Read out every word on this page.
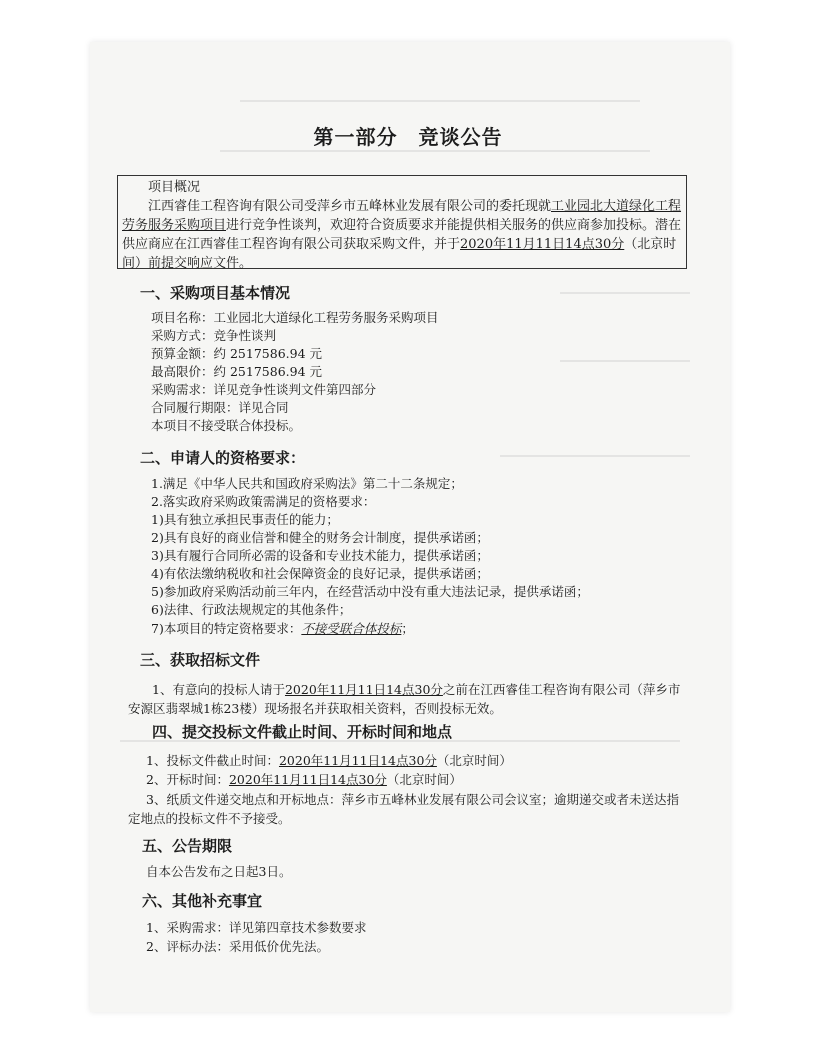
第一部分　竞谈公告

项目概况

江西睿佳工程咨询有限公司受萍乡市五峰林业发展有限公司的委托现就工业园北大道绿化工程劳务服务采购项目进行竞争性谈判，欢迎符合资质要求并能提供相关服务的供应商参加投标。潜在供应商应在江西睿佳工程咨询有限公司获取采购文件，并于2020年11月11日14点30分（北京时间）前提交响应文件。

一、采购项目基本情况

项目名称：工业园北大道绿化工程劳务服务采购项目

采购方式：竞争性谈判

预算金额：约 2517586.94 元

最高限价：约 2517586.94 元

采购需求：详见竞争性谈判文件第四部分

合同履行期限：详见合同

本项目不接受联合体投标。

二、申请人的资格要求：

1.满足《中华人民共和国政府采购法》第二十二条规定；

2.落实政府采购政策需满足的资格要求：

1)具有独立承担民事责任的能力；

2)具有良好的商业信誉和健全的财务会计制度，提供承诺函；

3)具有履行合同所必需的设备和专业技术能力，提供承诺函；

4)有依法缴纳税收和社会保障资金的良好记录，提供承诺函；

5)参加政府采购活动前三年内，在经营活动中没有重大违法记录，提供承诺函；

6)法律、行政法规规定的其他条件；

7)本项目的特定资格要求：不接受联合体投标；

三、获取招标文件

1、有意向的投标人请于2020年11月11日14点30分之前在江西睿佳工程咨询有限公司（萍乡市安源区翡翠城1栋23楼）现场报名并获取相关资料，否则投标无效。

四、提交投标文件截止时间、开标时间和地点

1、投标文件截止时间：2020年11月11日14点30分（北京时间）

2、开标时间：2020年11月11日14点30分（北京时间）

3、纸质文件递交地点和开标地点：萍乡市五峰林业发展有限公司会议室；逾期递交或者未送达指定地点的投标文件不予接受。

五、公告期限

自本公告发布之日起3日。

六、其他补充事宜

1、采购需求：详见第四章技术参数要求

2、评标办法：采用低价优先法。
